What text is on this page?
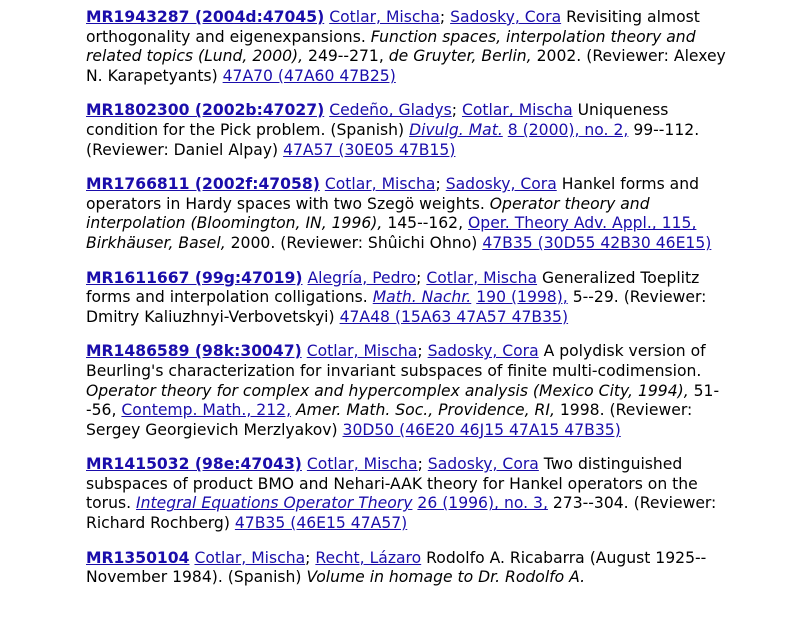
MR1943287 (2004d:47045) Cotlar, Mischa; Sadosky, Cora Revisiting almost orthogonality and eigenexpansions. Function spaces, interpolation theory and related topics (Lund, 2000), 249--271, de Gruyter, Berlin, 2002. (Reviewer: Alexey N. Karapetyants) 47A70 (47A60 47B25)
MR1802300 (2002b:47027) Cedeño, Gladys; Cotlar, Mischa Uniqueness condition for the Pick problem. (Spanish) Divulg. Mat. 8 (2000), no. 2, 99--112. (Reviewer: Daniel Alpay) 47A57 (30E05 47B15)
MR1766811 (2002f:47058) Cotlar, Mischa; Sadosky, Cora Hankel forms and operators in Hardy spaces with two Szegö weights. Operator theory and interpolation (Bloomington, IN, 1996), 145--162, Oper. Theory Adv. Appl., 115, Birkhäuser, Basel, 2000. (Reviewer: Shûichi Ohno) 47B35 (30D55 42B30 46E15)
MR1611667 (99g:47019) Alegría, Pedro; Cotlar, Mischa Generalized Toeplitz forms and interpolation colligations. Math. Nachr. 190 (1998), 5--29. (Reviewer: Dmitry Kaliuzhnyi-Verbovetskyi) 47A48 (15A63 47A57 47B35)
MR1486589 (98k:30047) Cotlar, Mischa; Sadosky, Cora A polydisk version of Beurling's characterization for invariant subspaces of finite multi-codimension. Operator theory for complex and hypercomplex analysis (Mexico City, 1994), 51--56, Contemp. Math., 212, Amer. Math. Soc., Providence, RI, 1998. (Reviewer: Sergey Georgievich Merzlyakov) 30D50 (46E20 46J15 47A15 47B35)
MR1415032 (98e:47043) Cotlar, Mischa; Sadosky, Cora Two distinguished subspaces of product BMO and Nehari-AAK theory for Hankel operators on the torus. Integral Equations Operator Theory 26 (1996), no. 3, 273--304. (Reviewer: Richard Rochberg) 47B35 (46E15 47A57)
MR1350104 Cotlar, Mischa; Recht, Lázaro Rodolfo A. Ricabarra (August 1925--November 1984). (Spanish) Volume in homage to Dr. Rodolfo A.
